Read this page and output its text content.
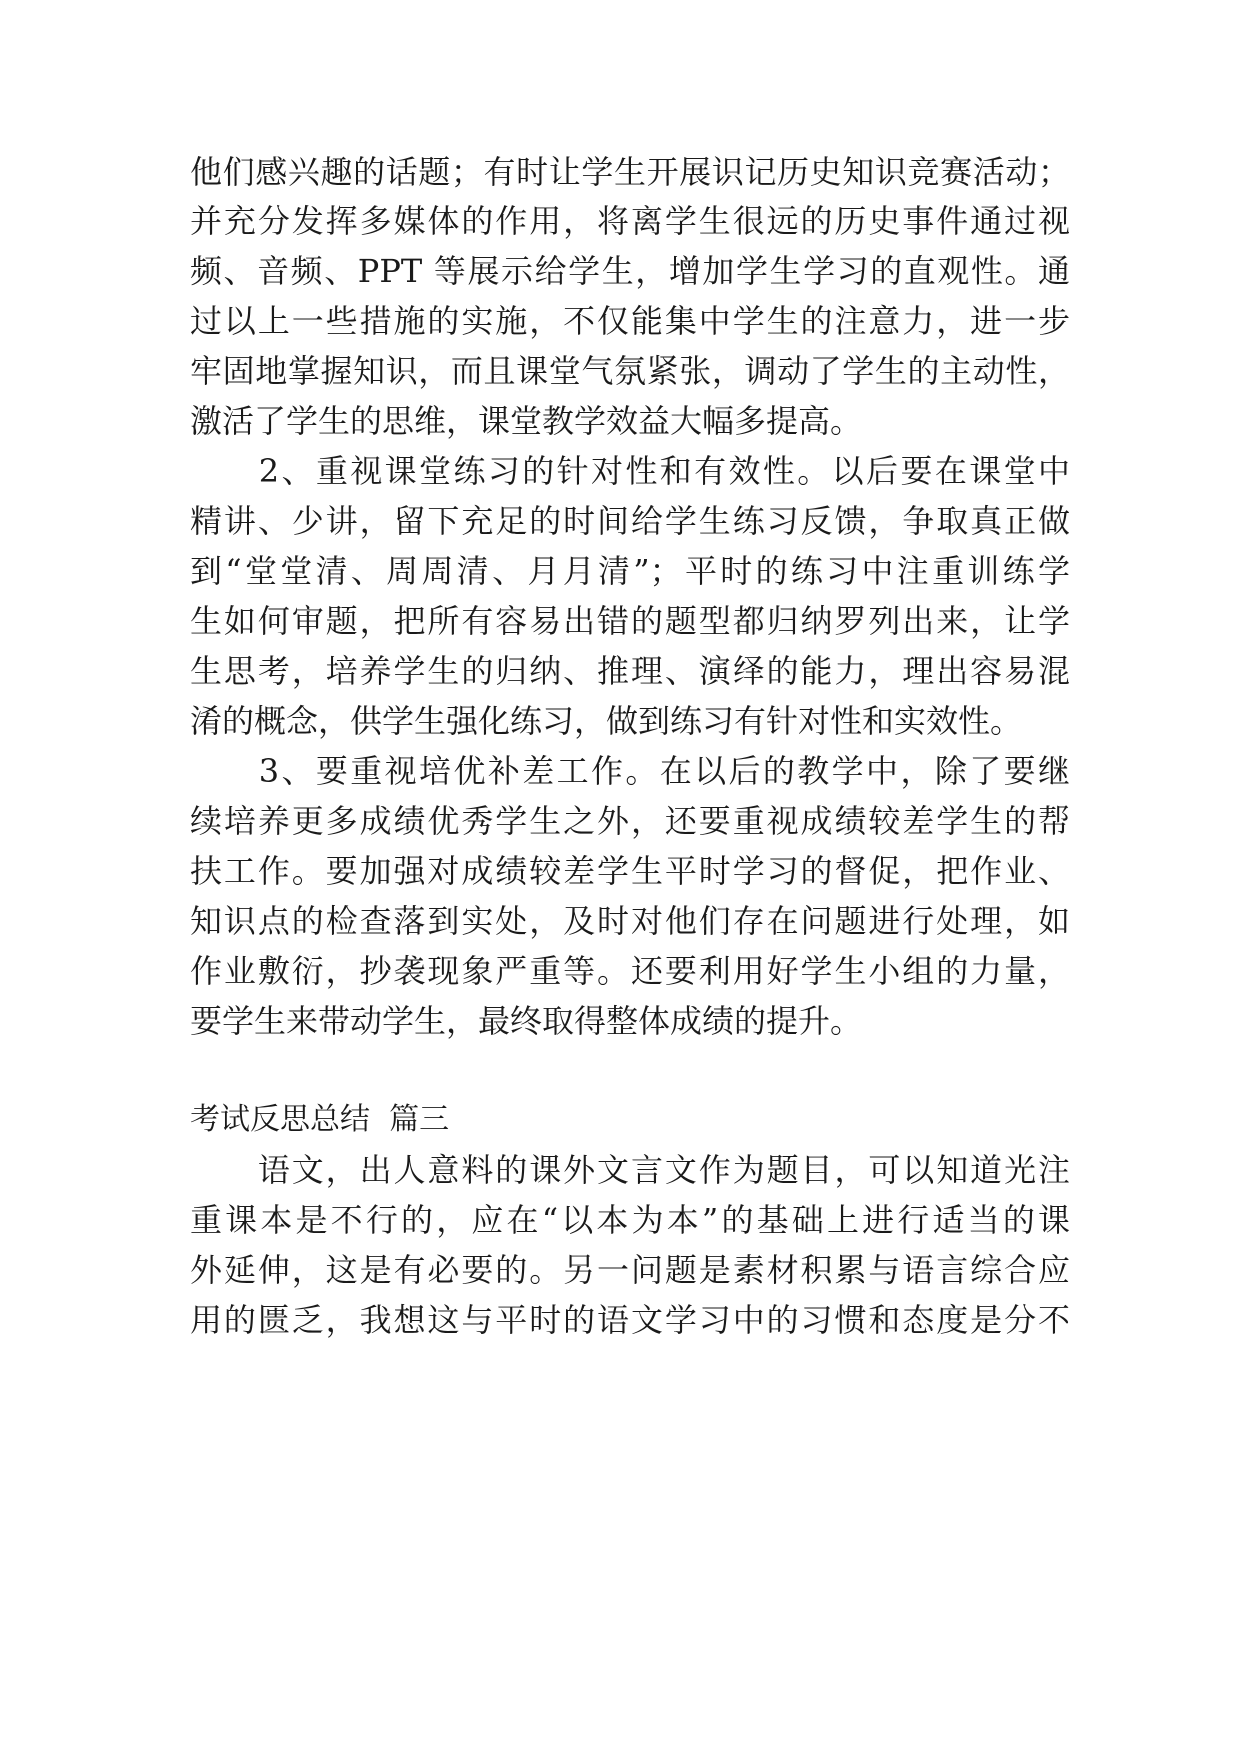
他们感兴趣的话题；有时让学生开展识记历史知识竞赛活动；

并充分发挥多媒体的作用，将离学生很远的历史事件通过视

频、音频、PPT 等展示给学生，增加学生学习的直观性。通

过以上一些措施的实施，不仅能集中学生的注意力，进一步

牢固地掌握知识，而且课堂气氛紧张，调动了学生的主动性，

激活了学生的思维，课堂教学效益大幅多提高。

　　2、重视课堂练习的针对性和有效性。以后要在课堂中

精讲、少讲，留下充足的时间给学生练习反馈，争取真正做

到“堂堂清、周周清、月月清”；平时的练习中注重训练学

生如何审题，把所有容易出错的题型都归纳罗列出来，让学

生思考，培养学生的归纳、推理、演绎的能力，理出容易混

淆的概念，供学生强化练习，做到练习有针对性和实效性。

　　3、要重视培优补差工作。在以后的教学中，除了要继

续培养更多成绩优秀学生之外，还要重视成绩较差学生的帮

扶工作。要加强对成绩较差学生平时学习的督促，把作业、

知识点的检查落到实处，及时对他们存在问题进行处理，如

作业敷衍，抄袭现象严重等。还要利用好学生小组的力量，

要学生来带动学生，最终取得整体成绩的提升。

考试反思总结  篇三

　　语文，出人意料的课外文言文作为题目，可以知道光注

重课本是不行的，应在“以本为本”的基础上进行适当的课

外延伸，这是有必要的。另一问题是素材积累与语言综合应

用的匮乏，我想这与平时的语文学习中的习惯和态度是分不
